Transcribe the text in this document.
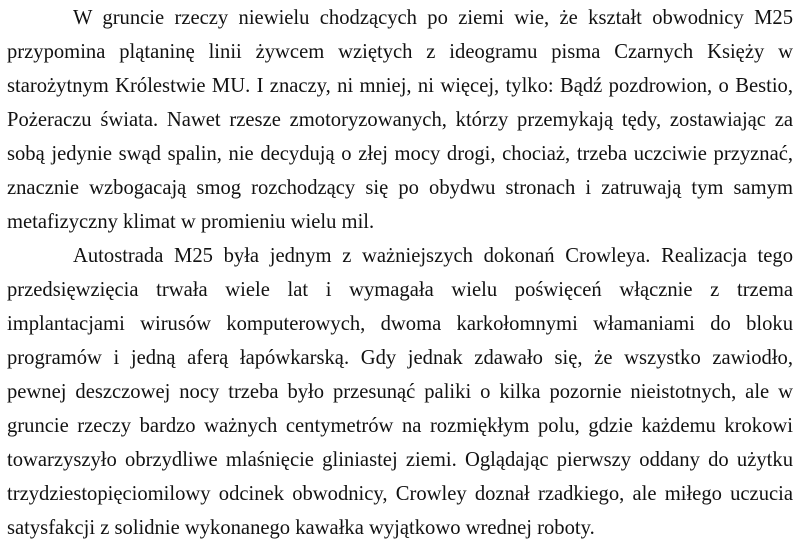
W gruncie rzeczy niewielu chodzących po ziemi wie, że kształt obwodnicy M25
przypomina plątaninę linii żywcem wziętych z ideogramu pisma Czarnych Księży w
starożytnym Królestwie MU. I znaczy, ni mniej, ni więcej, tylko: Bądź pozdrowion, o Bestio,
Pożeraczu świata. Nawet rzesze zmotoryzowanych, którzy przemykają tędy, zostawiając za
sobą jedynie swąd spalin, nie decydują o złej mocy drogi, chociaż, trzeba uczciwie przyznać,
znacznie wzbogacają smog rozchodzący się po obydwu stronach i zatruwają tym samym
metafizyczny klimat w promieniu wielu mil.
Autostrada M25 była jednym z ważniejszych dokonań Crowleya. Realizacja tego
przedsięwzięcia trwała wiele lat i wymagała wielu poświęceń włącznie z trzema
implantacjami wirusów komputerowych, dwoma karkołomnymi włamaniami do bloku
programów i jedną aferą łapówkarską. Gdy jednak zdawało się, że wszystko zawiodło,
pewnej deszczowej nocy trzeba było przesunąć paliki o kilka pozornie nieistotnych, ale w
gruncie rzeczy bardzo ważnych centymetrów na rozmiękłym polu, gdzie każdemu krokowi
towarzyszyło obrzydliwe mlaśnięcie gliniastej ziemi. Oglądając pierwszy oddany do użytku
trzydziestopięciomilowy odcinek obwodnicy, Crowley doznał rzadkiego, ale miłego uczucia
satysfakcji z solidnie wykonanego kawałka wyjątkowo wrednej roboty.
